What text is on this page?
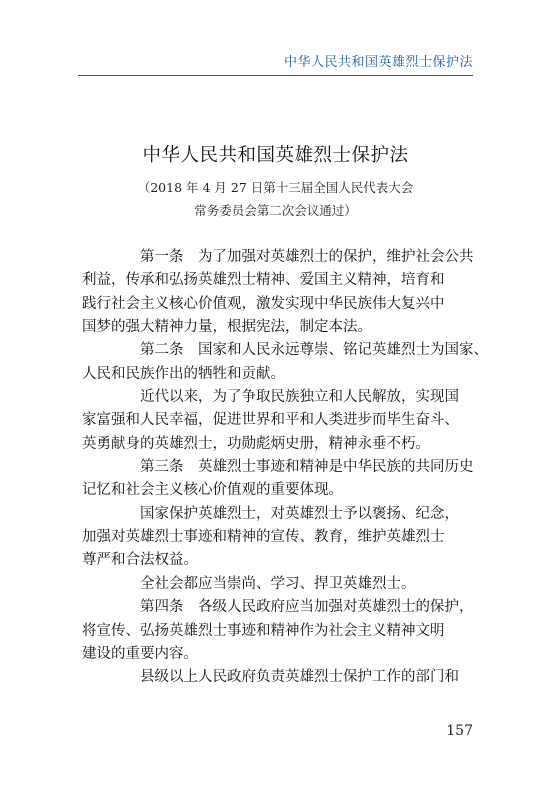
中华人民共和国英雄烈士保护法
中华人民共和国英雄烈士保护法
（2018 年 4 月 27 日第十三届全国人民代表大会
常务委员会第二次会议通过）
第一条　为了加强对英雄烈士的保护，维护社会公共
利益，传承和弘扬英雄烈士精神、爱国主义精神，培育和
践行社会主义核心价值观，激发实现中华民族伟大复兴中
国梦的强大精神力量，根据宪法，制定本法。
第二条　国家和人民永远尊崇、铭记英雄烈士为国家、
人民和民族作出的牺牲和贡献。
近代以来，为了争取民族独立和人民解放，实现国
家富强和人民幸福，促进世界和平和人类进步而毕生奋斗、
英勇献身的英雄烈士，功勋彪炳史册，精神永垂不朽。
第三条　英雄烈士事迹和精神是中华民族的共同历史
记忆和社会主义核心价值观的重要体现。
国家保护英雄烈士，对英雄烈士予以褒扬、纪念，
加强对英雄烈士事迹和精神的宣传、教育，维护英雄烈士
尊严和合法权益。
全社会都应当崇尚、学习、捍卫英雄烈士。
第四条　各级人民政府应当加强对英雄烈士的保护，
将宣传、弘扬英雄烈士事迹和精神作为社会主义精神文明
建设的重要内容。
县级以上人民政府负责英雄烈士保护工作的部门和
157
